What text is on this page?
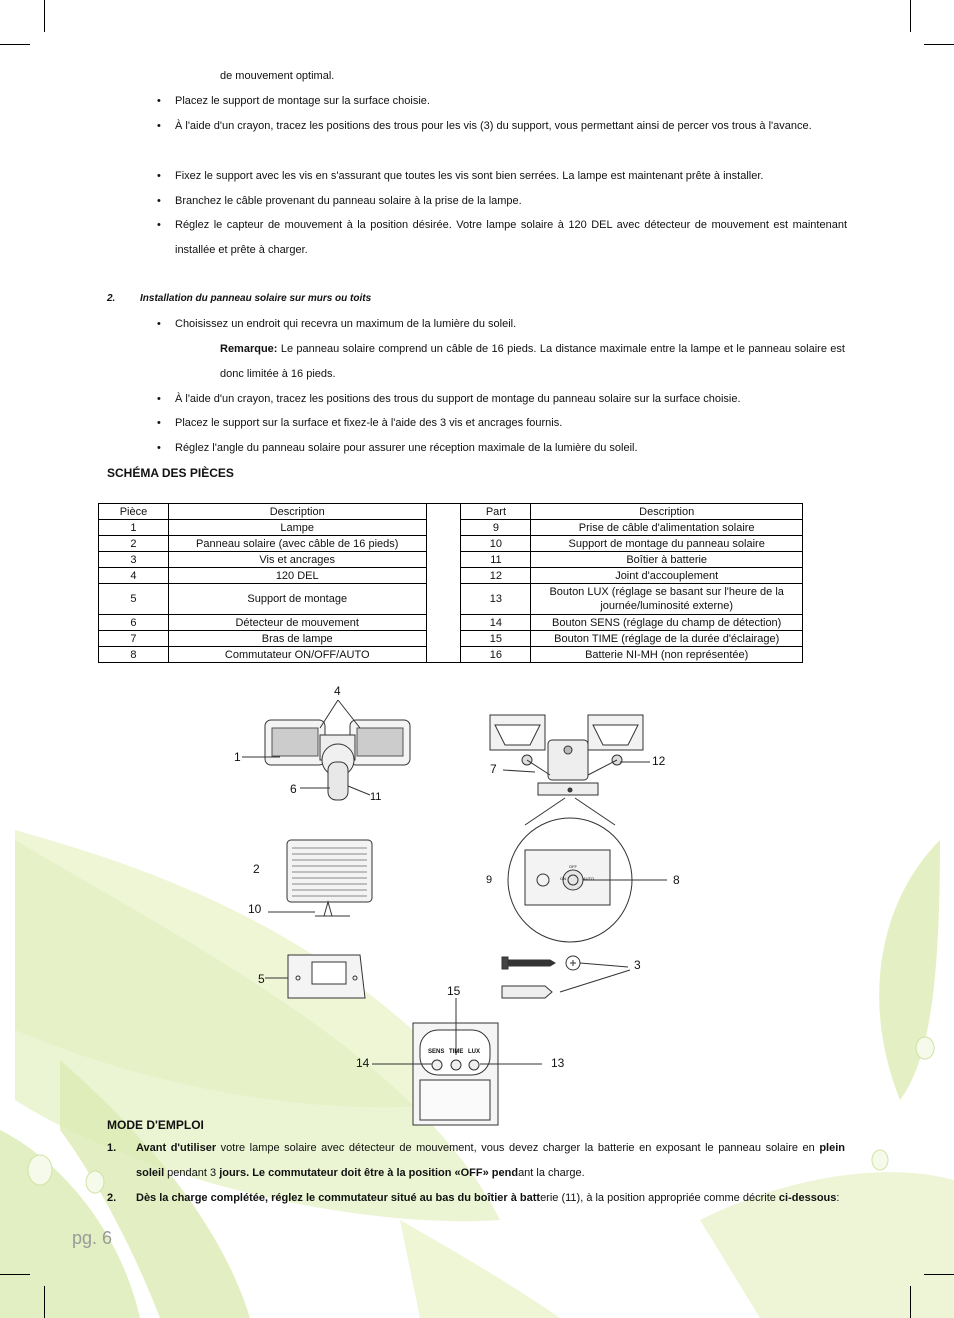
de mouvement optimal.
• Placez le support de montage sur la surface choisie.
• À l'aide d'un crayon, tracez les positions des trous pour les vis (3) du support, vous permettant ainsi de percer vos trous à l'avance.
• Fixez le support avec les vis en s'assurant que toutes les vis sont bien serrées. La lampe est maintenant prête à installer.
• Branchez le câble provenant du panneau solaire à la prise de la lampe.
• Réglez le capteur de mouvement à la position désirée. Votre lampe solaire à 120 DEL avec détecteur de mouvement est maintenant installée et prête à charger.
2. Installation du panneau solaire sur murs ou toits
• Choisissez un endroit qui recevra un maximum de la lumière du soleil.
Remarque: Le panneau solaire comprend un câble de 16 pieds. La distance maximale entre la lampe et le panneau solaire est donc limitée à 16 pieds.
• À l'aide d'un crayon, tracez les positions des trous du support de montage du panneau solaire sur la surface choisie.
• Placez le support sur la surface et fixez-le à l'aide des 3 vis et ancrages fournis.
• Réglez l'angle du panneau solaire pour assurer une réception maximale de la lumière du soleil.
SCHÉMA DES PIÈCES
Pièce	Description		Part	Description
1	Lampe		9	Prise de câble d'alimentation solaire
2	Panneau solaire (avec câble de 16 pieds)		10	Support de montage du panneau solaire
3	Vis et ancrages		11	Boîtier à batterie
4	120 DEL		12	Joint d'accouplement
5	Support de montage		13	Bouton LUX (réglage se basant sur l'heure de la journée/luminosité externe)
6	Détecteur de mouvement		14	Bouton SENS (réglage du champ de détection)
7	Bras de lampe		15	Bouton TIME (réglage de la durée d'éclairage)
8	Commutateur ON/OFF/AUTO		16	Batterie NI-MH (non représentée)
4
1
6
11
7
12
2
10
9	8
5
3
15
14	13
SENS TIME LUX
OFF
ON	AUTO
MODE D'EMPLOI
1. Avant d'utiliser votre lampe solaire avec détecteur de mouvement, vous devez charger la batterie en exposant le panneau solaire en plein soleil pendant 3 jours. Le commutateur doit être à la position «OFF» pendant la charge.
2. Dès la charge complétée, réglez le commutateur situé au bas du boîtier à batterie (11), à la position appropriée comme décrite ci-dessous:
pg. 6
